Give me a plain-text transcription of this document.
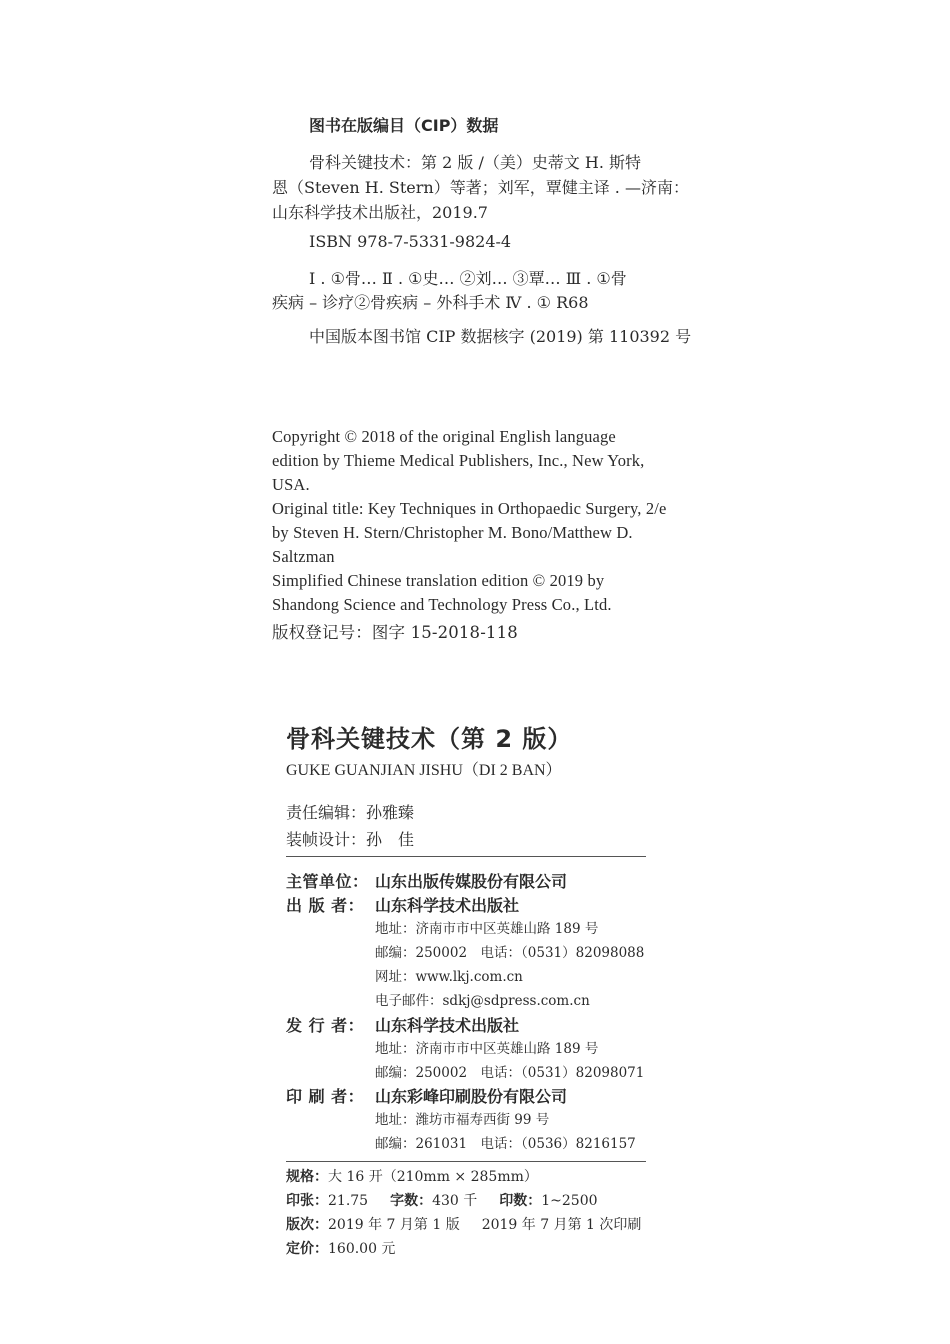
图书在版编目（CIP）数据
骨科关键技术：第 2 版 /（美）史蒂文 H. 斯特
恩（Steven H. Stern）等著；刘军，覃健主译 . —济南：
山东科学技术出版社，2019.7
ISBN 978-7-5331-9824-4
Ⅰ . ①骨… Ⅱ . ①史… ②刘… ③覃… Ⅲ . ①骨
疾病 – 诊疗②骨疾病 – 外科手术 Ⅳ . ① R68
中国版本图书馆 CIP 数据核字 (2019) 第 110392 号
Copyright © 2018 of the original English language
edition by Thieme Medical Publishers, Inc., New York,
USA.
Original title: Key Techniques in Orthopaedic Surgery, 2/e
by Steven H. Stern/Christopher M. Bono/Matthew D.
Saltzman
Simplified Chinese translation edition © 2019 by
Shandong Science and Technology Press Co., Ltd.
版权登记号：图字 15-2018-118
骨科关键技术（第 2 版）
GUKE GUANJIAN JISHU（DI 2 BAN）
责任编辑：孙雅臻
装帧设计：孙　佳
主管单位： 山东出版传媒股份有限公司
出 版 者： 山东科学技术出版社
地址：济南市市中区英雄山路 189 号
邮编：250002　电话：（0531）82098088
网址：www.lkj.com.cn
电子邮件：sdkj@sdpress.com.cn
发 行 者： 山东科学技术出版社
地址：济南市市中区英雄山路 189 号
邮编：250002　电话：（0531）82098071
印 刷 者： 山东彩峰印刷股份有限公司
地址：潍坊市福寿西街 99 号
邮编：261031　电话：（0536）8216157
规格：大 16 开（210mm × 285mm）
印张：21.75 字数：430 千 印数：1~2500
版次：2019 年 7 月第 1 版 2019 年 7 月第 1 次印刷
定价：160.00 元
